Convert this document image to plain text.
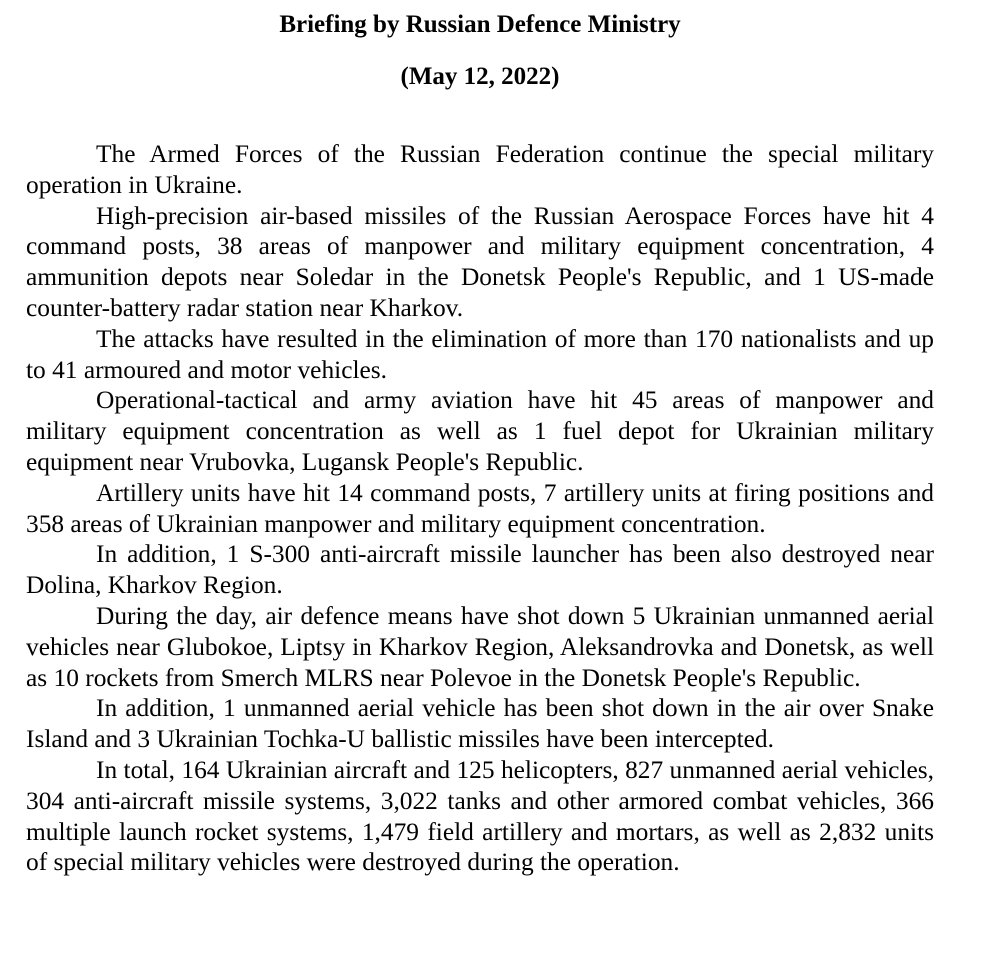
Briefing by Russian Defence Ministry
(May 12, 2022)

The Armed Forces of the Russian Federation continue the special military operation in Ukraine.

High-precision air-based missiles of the Russian Aerospace Forces have hit 4 command posts, 38 areas of manpower and military equipment concentration, 4 ammunition depots near Soledar in the Donetsk People's Republic, and 1 US-made counter-battery radar station near Kharkov.

The attacks have resulted in the elimination of more than 170 nationalists and up to 41 armoured and motor vehicles.

Operational-tactical and army aviation have hit 45 areas of manpower and military equipment concentration as well as 1 fuel depot for Ukrainian military equipment near Vrubovka, Lugansk People's Republic.

Artillery units have hit 14 command posts, 7 artillery units at firing positions and 358 areas of Ukrainian manpower and military equipment concentration.

In addition, 1 S-300 anti-aircraft missile launcher has been also destroyed near Dolina, Kharkov Region.

During the day, air defence means have shot down 5 Ukrainian unmanned aerial vehicles near Glubokoe, Liptsy in Kharkov Region, Aleksandrovka and Donetsk, as well as 10 rockets from Smerch MLRS near Polevoe in the Donetsk People's Republic.

In addition, 1 unmanned aerial vehicle has been shot down in the air over Snake Island and 3 Ukrainian Tochka-U ballistic missiles have been intercepted.

In total, 164 Ukrainian aircraft and 125 helicopters, 827 unmanned aerial vehicles, 304 anti-aircraft missile systems, 3,022 tanks and other armored combat vehicles, 366 multiple launch rocket systems, 1,479 field artillery and mortars, as well as 2,832 units of special military vehicles were destroyed during the operation.
